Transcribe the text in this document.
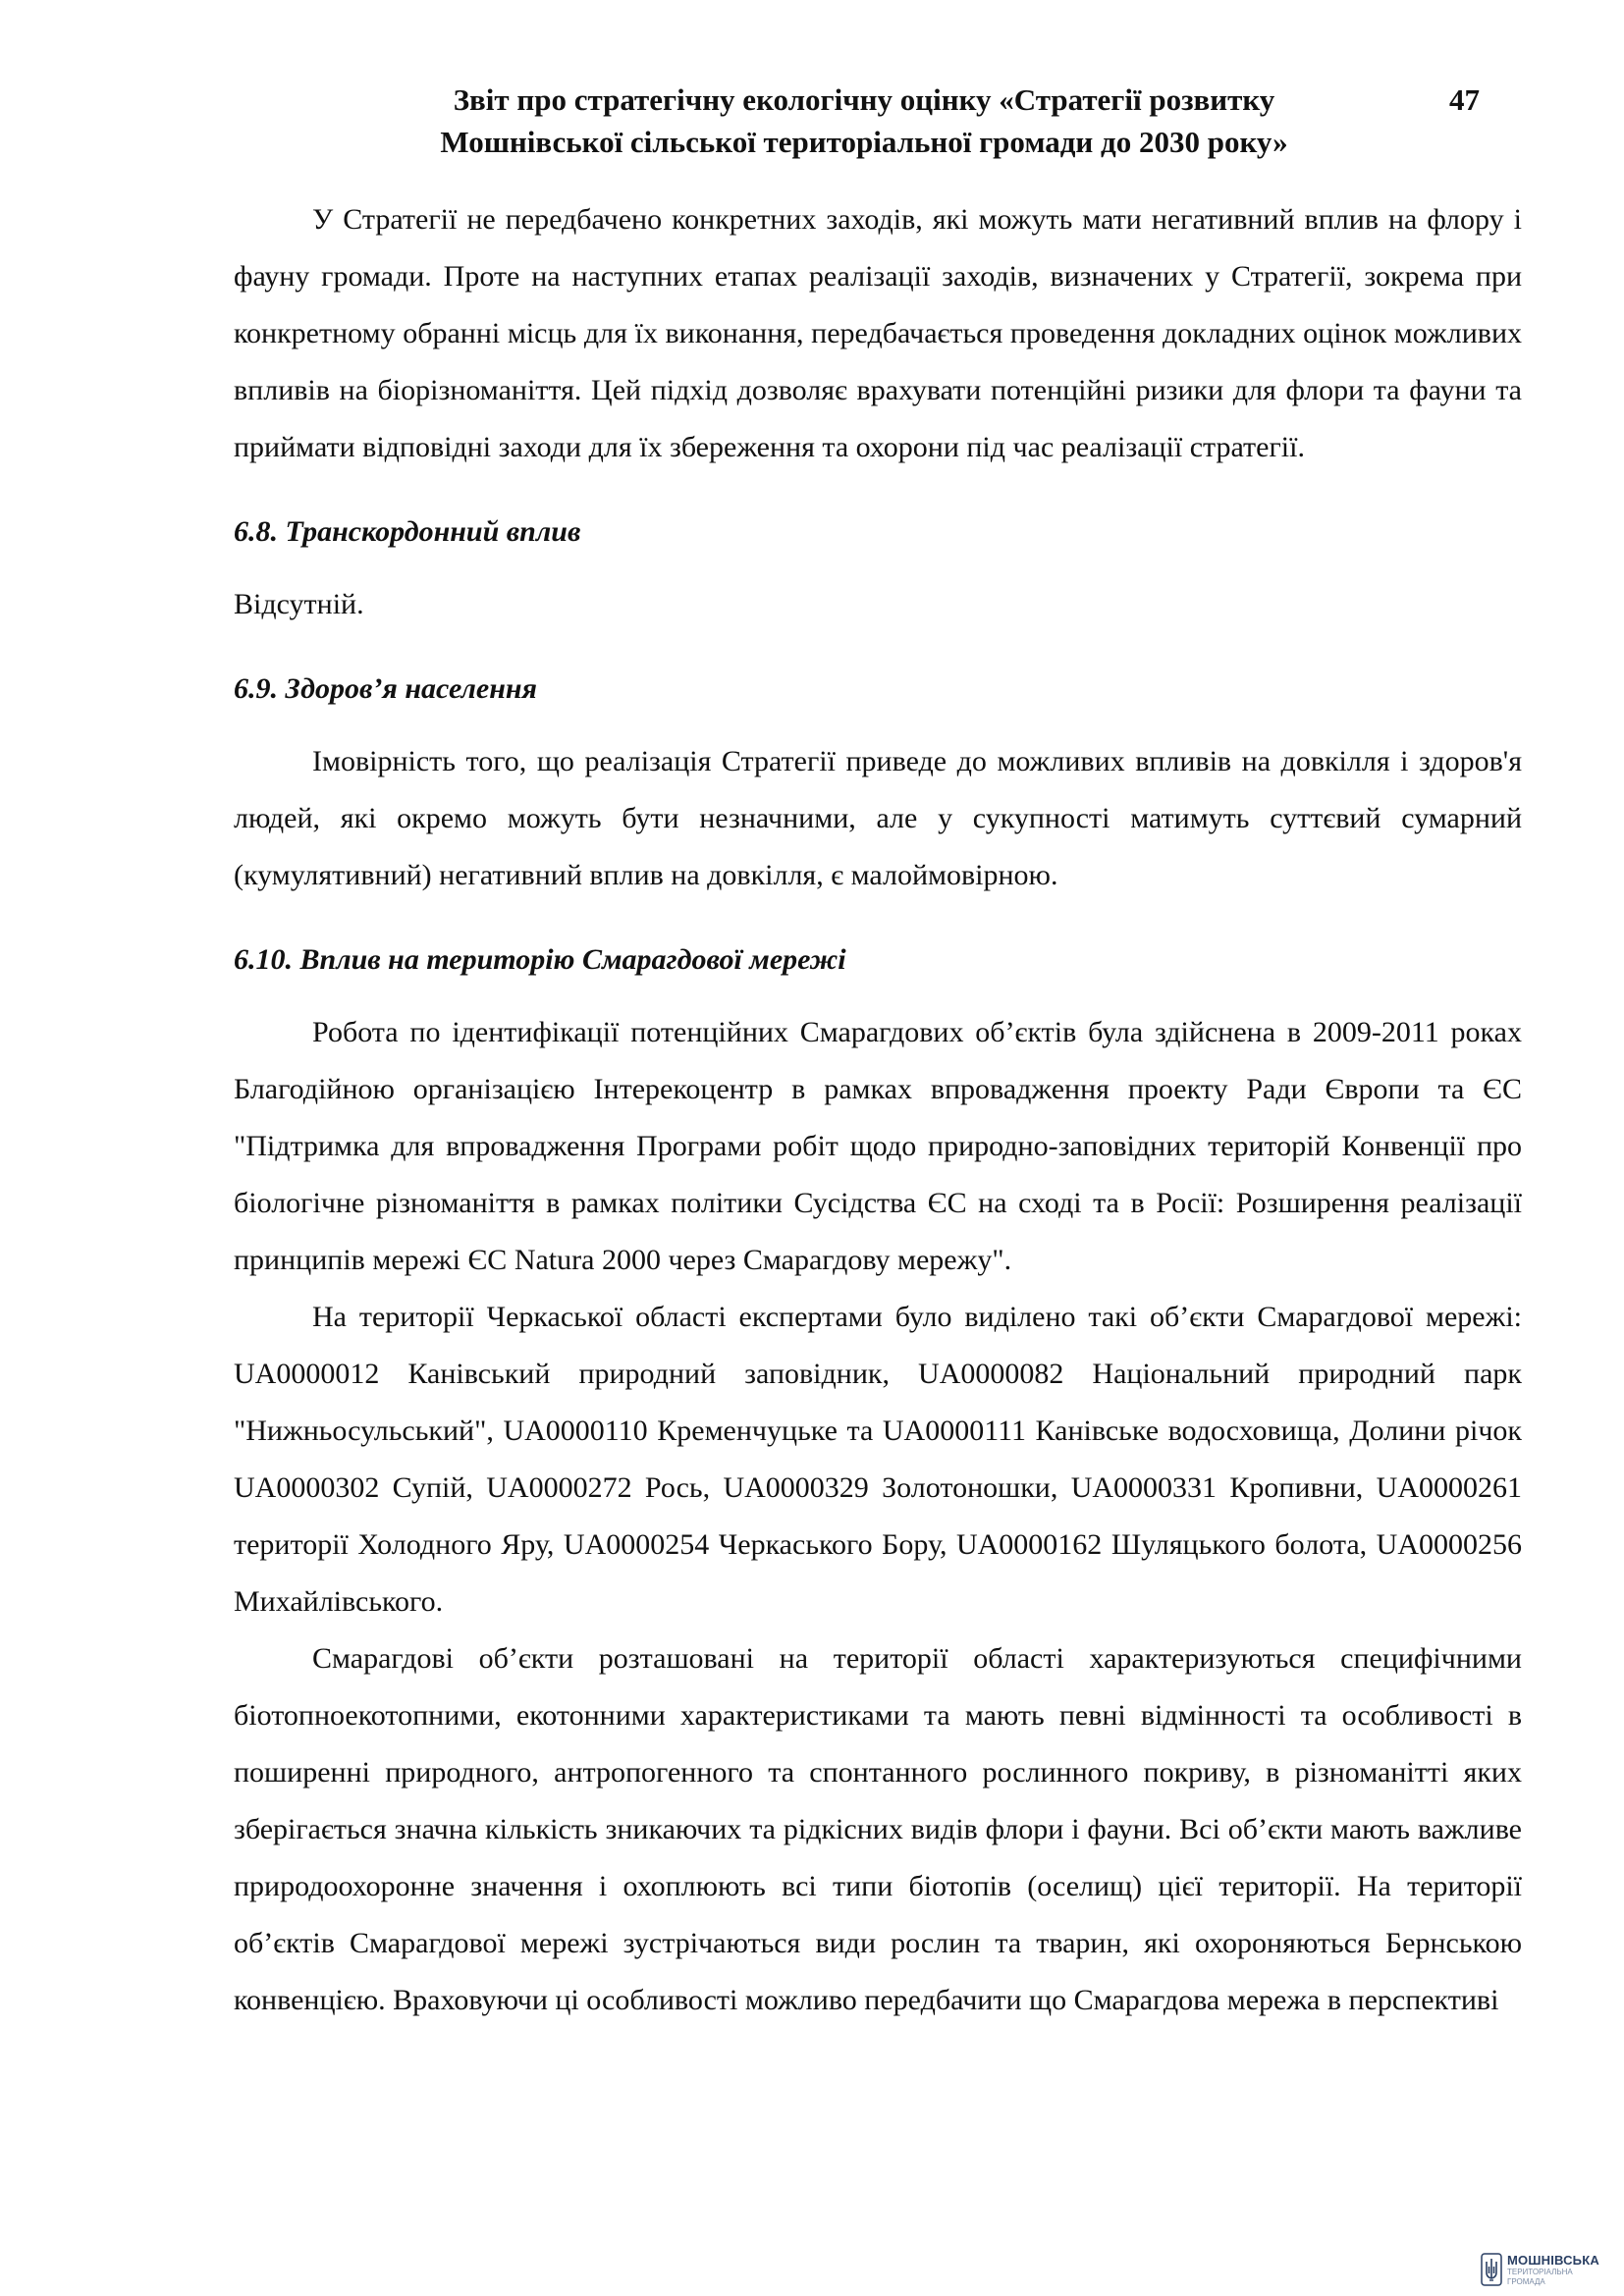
Звіт про стратегічну екологічну оцінку «Стратегії розвитку
Мошнівської сільської територіальної громади до 2030 року»
47

У Стратегії не передбачено конкретних заходів, які можуть мати негативний вплив на флору і фауну громади. Проте на наступних етапах реалізації заходів, визначених у Стратегії, зокрема при конкретному обранні місць для їх виконання, передбачається проведення докладних оцінок можливих впливів на біорізноманіття. Цей підхід дозволяє врахувати потенційні ризики для флори та фауни та приймати відповідні заходи для їх збереження та охорони під час реалізації стратегії.

6.8. Транскордонний вплив

Відсутній.

6.9. Здоров’я населення

Імовірність того, що реалізація Стратегії приведе до можливих впливів на довкілля і здоров'я людей, які окремо можуть бути незначними, але у сукупності матимуть суттєвий сумарний (кумулятивний) негативний вплив на довкілля, є малоймовірною.

6.10. Вплив на територію Смарагдової мережі

Робота по ідентифікації потенційних Смарагдових об’єктів була здійснена в 2009-2011 роках Благодійною організацією Інтерекоцентр в рамках впровадження проекту Ради Європи та ЄС "Підтримка для впровадження Програми робіт щодо природно-заповідних територій Конвенції про біологічне різноманіття в рамках політики Сусідства ЄС на сході та в Росії: Розширення реалізації принципів мережі ЄС Natura 2000 через Смарагдову мережу".

На території Черкаської області експертами було виділено такі об’єкти Смарагдової мережі: UA0000012 Канівський природний заповідник, UA0000082 Національний природний парк "Нижньосульський", UA0000110 Кременчуцьке та UA0000111 Канівське водосховища, Долини річок UA0000302 Супій, UA0000272 Рось, UA0000329 Золотоношки, UA0000331 Кропивни, UA0000261 території Холодного Яру, UA0000254 Черкаського Бору, UA0000162 Шуляцького болота, UA0000256 Михайлівського.

Смарагдові об’єкти розташовані на території області характеризуються специфічними біотопноекотопними, екотонними характеристиками та мають певні відмінності та особливості в поширенні природного, антропогенного та спонтанного рослинного покриву, в різноманітті яких зберігається значна кількість зникаючих та рідкісних видів флори і фауни. Всі об’єкти мають важливе природоохоронне значення і охоплюють всі типи біотопів (оселищ) цієї території. На території об’єктів Смарагдової мережі зустрічаються види рослин та тварин, які охороняються Бернською конвенцією. Враховуючи ці особливості можливо передбачити що Смарагдова мережа в перспективі

МОШНІВСЬКА
ТЕРИТОРІАЛЬНА
ГРОМАДА
